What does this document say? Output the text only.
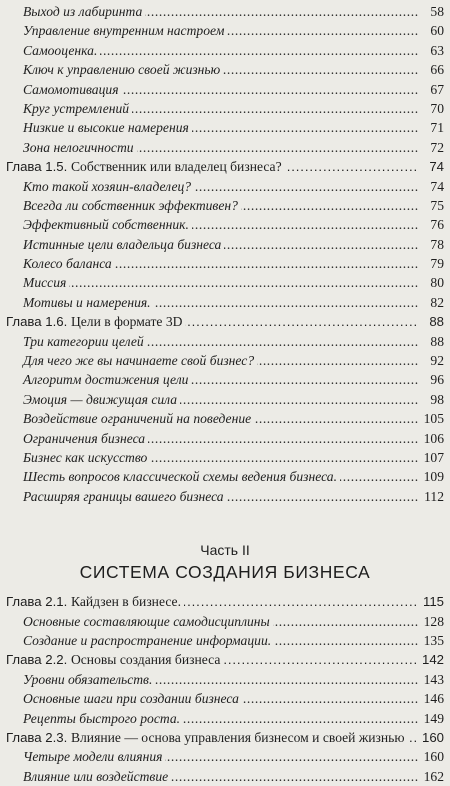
. . .
Выход из лабиринта	58
. . .
Управление внутренним настроем	60
. . .
Самооценка.	63
. . .
Ключ к управлению своей жизнью	66
. . .
Самомотивация	67
. . .
Круг устремлений	70
. . .
Низкие и высокие намерения	71
. . .
Зона нелогичности	72
. . .
Глава 1.5. Собственник или владелец бизнеса?	74
. . .
Кто такой хозяин-владелец?	74
. . .
Всегда ли собственник эффективен?	75
. . .
Эффективный собственник.	76
. . .
Истинные цели владельца бизнеса	78
. . .
Колесо баланса	79
. . .
Миссия	80
. . .
Мотивы и намерения.	82
. . .
Глава 1.6. Цели в формате 3D	88
. . .
Три категории целей	88
. . .
Для чего же вы начинаете свой бизнес?	92
. . .
Алгоритм достижения цели	96
. . .
Эмоция — движущая сила	98
. . .
Воздействие ограничений на поведение	105
. . .
Ограничения бизнеса	106
. . .
Бизнес как искусство	107
. . .
Шесть вопросов классической схемы ведения бизнеса.	109
. . .
Расширяя границы вашего бизнеса	112
Часть II
СИСТЕМА СОЗДАНИЯ БИЗНЕСА
. . .
Глава 2.1. Кайдзен в бизнесе.	115
. . .
Основные составляющие самодисциплины	128
. . .
Создание и распространение информации.	135
. . .
Глава 2.2. Основы создания бизнеса	142
. . .
Уровни обязательств.	143
. . .
Основные шаги при создании бизнеса	146
. . .
Рецепты быстрого роста.	149
. . .
Глава 2.3. Влияние — основа управления бизнесом и своей жизнью	160
. . .
Четыре модели влияния	160
. . .
Влияние или воздействие	162
